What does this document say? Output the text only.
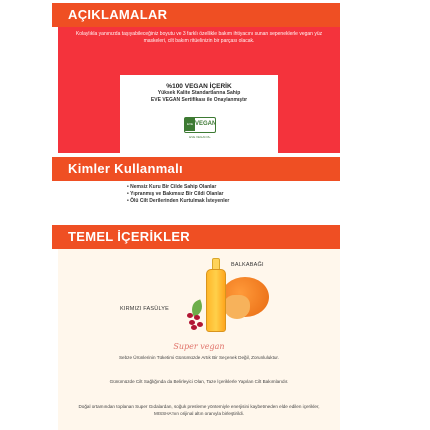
AÇIKLAMALAR
Kolaylıkla yanınızda taşıyabileceğiniz boyutu ve 3 farklı özellikle bakım ihtiyacını sunan sepeneklerle vegan yüz maskeleri, cilt bakım ritüelinizin bir parçası olacak.
%100 VEGAN İÇERİK
Yüksek Kalite Standartlarına Sahip
EVE VEGAN Sertifikası ile Onaylanmıştır
EVE VEGAN
EVE VEGAN 8+
Kimler Kullanmalı
• Nemsiz Kuru Bir Cilde Sahip Olanlar
• Yıpranmış ve Bakımsız Bir Cildi Olanlar
• Ölü Cilt Derilerinden Kurtulmak İsteyenler
TEMEL İÇERİKLER
BALKABAĞI
KIRMIZI FASÜLYE
Super vegan
Sebze Ürünlerinin Tüketimi Günümüzde Artık Bir Seçenek Değil, Zorunluluktur.
Günümüzde Cilt Sağlığında da Belirleyici Olan, Taze İçeriklerle Yapılan Cilt Bakımlarıdır.
Doğal ortamından toplanan Super Gıdalardan, soğuk presleme yöntemiyle enerjisini kaybetmeden elde edilen içerikler, MISSHA'nın orijinal altın oranıyla birleştirildi.
